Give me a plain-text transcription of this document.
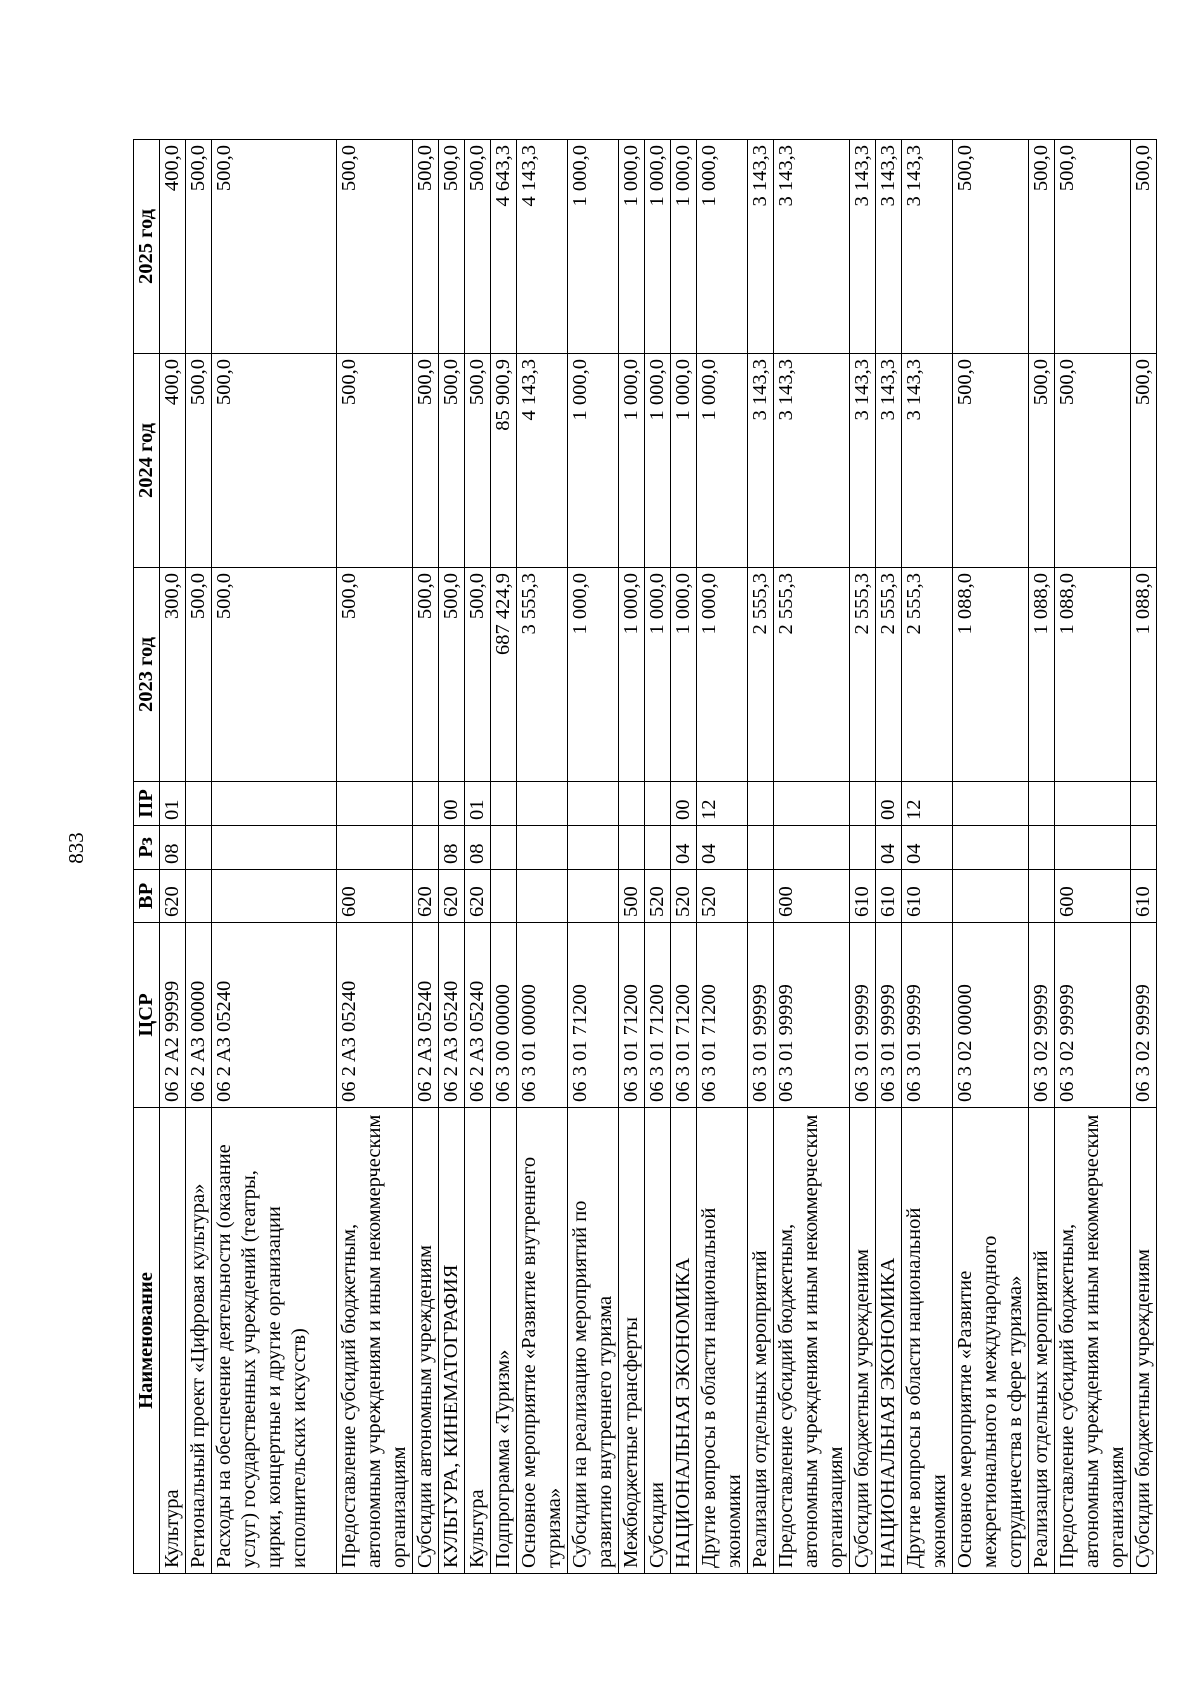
833
Наименование	ЦСР	ВР	Рз	ПР	2023 год	2024 год	2025 год
Культура	06 2 A2 99999	620	08	01	300,0	400,0	400,0
Региональный проект «Цифровая культура»	06 2 A3 00000				500,0	500,0	500,0
Расходы на обеспечение деятельности (оказание услуг) государственных учреждений (театры, цирки, концертные и другие организации исполнительских искусств)	06 2 A3 05240				500,0	500,0	500,0
Предоставление субсидий бюджетным, автономным учреждениям и иным некоммерческим организациям	06 2 A3 05240	600			500,0	500,0	500,0
Субсидии автономным учреждениям	06 2 A3 05240	620			500,0	500,0	500,0
КУЛЬТУРА, КИНЕМАТОГРАФИЯ	06 2 A3 05240	620	08	00	500,0	500,0	500,0
Культура	06 2 A3 05240	620	08	01	500,0	500,0	500,0
Подпрограмма «Туризм»	06 3 00 00000				687 424,9	85 900,9	4 643,3
Основное мероприятие «Развитие внутреннего туризма»	06 3 01 00000				3 555,3	4 143,3	4 143,3
Субсидии на реализацию мероприятий по развитию внутреннего туризма	06 3 01 71200				1 000,0	1 000,0	1 000,0
Межбюджетные трансферты	06 3 01 71200	500			1 000,0	1 000,0	1 000,0
Субсидии	06 3 01 71200	520			1 000,0	1 000,0	1 000,0
НАЦИОНАЛЬНАЯ ЭКОНОМИКА	06 3 01 71200	520	04	00	1 000,0	1 000,0	1 000,0
Другие вопросы в области национальной экономики	06 3 01 71200	520	04	12	1 000,0	1 000,0	1 000,0
Реализация отдельных мероприятий	06 3 01 99999				2 555,3	3 143,3	3 143,3
Предоставление субсидий бюджетным, автономным учреждениям и иным некоммерческим организациям	06 3 01 99999	600			2 555,3	3 143,3	3 143,3
Субсидии бюджетным учреждениям	06 3 01 99999	610			2 555,3	3 143,3	3 143,3
НАЦИОНАЛЬНАЯ ЭКОНОМИКА	06 3 01 99999	610	04	00	2 555,3	3 143,3	3 143,3
Другие вопросы в области национальной экономики	06 3 01 99999	610	04	12	2 555,3	3 143,3	3 143,3
Основное мероприятие «Развитие межрегионального и международного сотрудничества в сфере туризма»	06 3 02 00000				1 088,0	500,0	500,0
Реализация отдельных мероприятий	06 3 02 99999				1 088,0	500,0	500,0
Предоставление субсидий бюджетным, автономным учреждениям и иным некоммерческим организациям	06 3 02 99999	600			1 088,0	500,0	500,0
Субсидии бюджетным учреждениям	06 3 02 99999	610			1 088,0	500,0	500,0
